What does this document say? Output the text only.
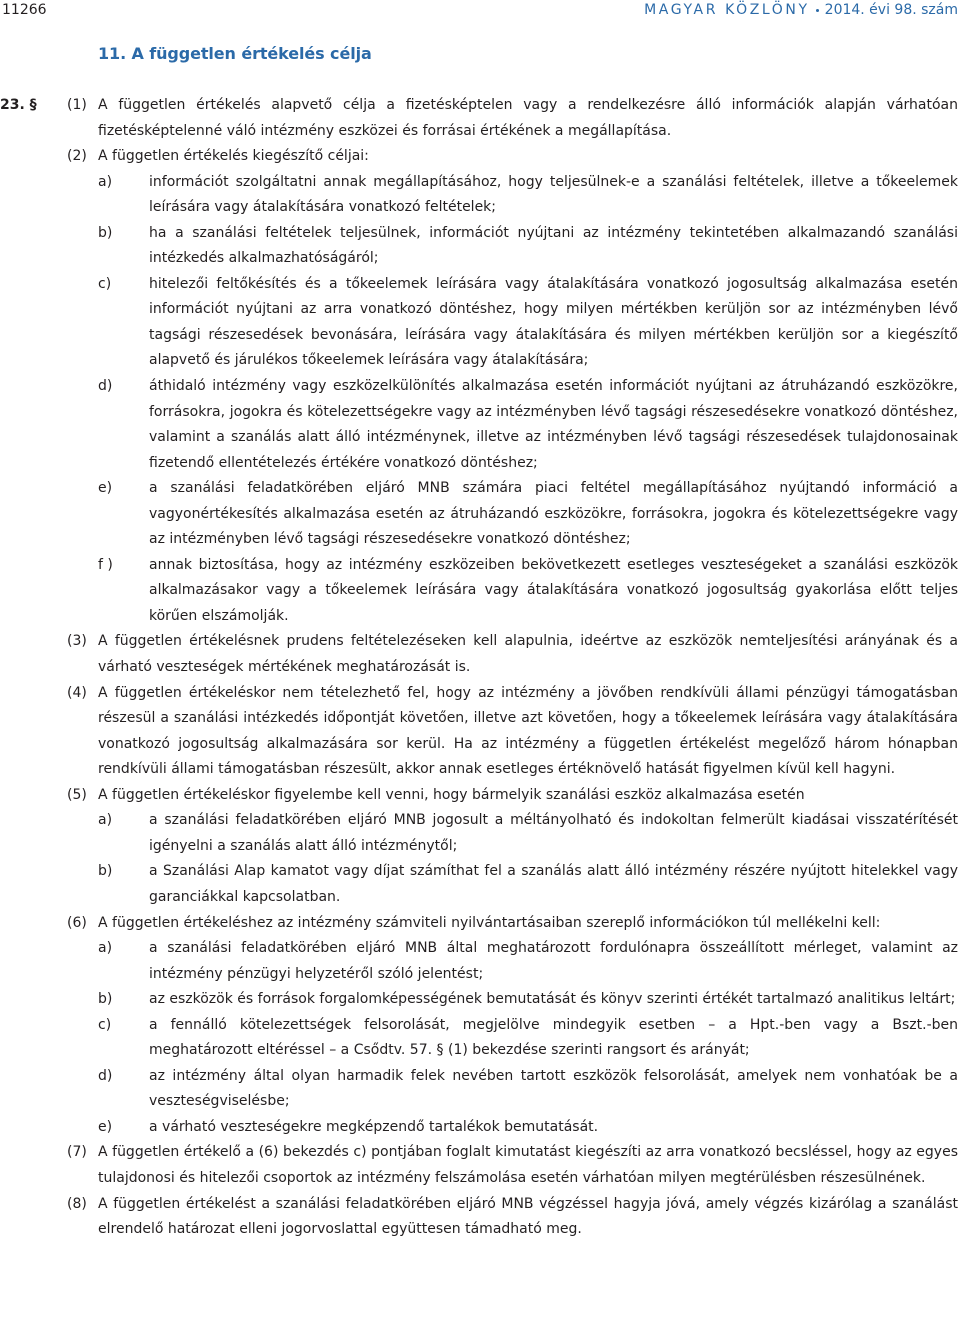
11266	MAGYAR KÖZLÖNY 2014. évi 98. szám
11. A független értékelés célja
23. § (1) A független értékelés alapvető célja a fizetésképtelen vagy a rendelkezésre álló információk alapján várhatóan fizetésképtelenné váló intézmény eszközei és forrásai értékének a megállapítása.
(2) A független értékelés kiegészítő céljai:
a)	információt szolgáltatni annak megállapításához, hogy teljesülnek-e a szanálási feltételek, illetve a tőkeelemek leírására vagy átalakítására vonatkozó feltételek;
b)	ha a szanálási feltételek teljesülnek, információt nyújtani az intézmény tekintetében alkalmazandó szanálási intézkedés alkalmazhatóságáról;
c)	hitelezői feltőkésítés és a tőkeelemek leírására vagy átalakítására vonatkozó jogosultság alkalmazása esetén információt nyújtani az arra vonatkozó döntéshez, hogy milyen mértékben kerüljön sor az intézményben lévő tagsági részesedések bevonására, leírására vagy átalakítására és milyen mértékben kerüljön sor a kiegészítő alapvető és járulékos tőkeelemek leírására vagy átalakítására;
d)	áthidaló intézmény vagy eszközelkülönítés alkalmazása esetén információt nyújtani az átruházandó eszközökre, forrásokra, jogokra és kötelezettségekre vagy az intézményben lévő tagsági részesedésekre vonatkozó döntéshez, valamint a szanálás alatt álló intézménynek, illetve az intézményben lévő tagsági részesedések tulajdonosainak fizetendő ellentételezés értékére vonatkozó döntéshez;
e)	a szanálási feladatkörében eljáró MNB számára piaci feltétel megállapításához nyújtandó információ a vagyonértékesítés alkalmazása esetén az átruházandó eszközökre, forrásokra, jogokra és kötelezettségekre vagy az intézményben lévő tagsági részesedésekre vonatkozó döntéshez;
f )	annak biztosítása, hogy az intézmény eszközeiben bekövetkezett esetleges veszteségeket a szanálási eszközök alkalmazásakor vagy a tőkeelemek leírására vagy átalakítására vonatkozó jogosultság gyakorlása előtt teljes körűen elszámolják.
(3) A független értékelésnek prudens feltételezéseken kell alapulnia, ideértve az eszközök nemteljesítési arányának és a várható veszteségek mértékének meghatározását is.
(4) A független értékeléskor nem tételezhető fel, hogy az intézmény a jövőben rendkívüli állami pénzügyi támogatásban részesül a szanálási intézkedés időpontját követően, illetve azt követően, hogy a tőkeelemek leírására vagy átalakítására vonatkozó jogosultság alkalmazására sor kerül. Ha az intézmény a független értékelést megelőző három hónapban rendkívüli állami támogatásban részesült, akkor annak esetleges értéknövelő hatását figyelmen kívül kell hagyni.
(5) A független értékeléskor figyelembe kell venni, hogy bármelyik szanálási eszköz alkalmazása esetén
a)	a szanálási feladatkörében eljáró MNB jogosult a méltányolható és indokoltan felmerült kiadásai visszatérítését igényelni a szanálás alatt álló intézménytől;
b)	a Szanálási Alap kamatot vagy díjat számíthat fel a szanálás alatt álló intézmény részére nyújtott hitelekkel vagy garanciákkal kapcsolatban.
(6) A független értékeléshez az intézmény számviteli nyilvántartásaiban szereplő információkon túl mellékelni kell:
a)	a szanálási feladatkörében eljáró MNB által meghatározott fordulónapra összeállított mérleget, valamint az intézmény pénzügyi helyzetéről szóló jelentést;
b)	az eszközök és források forgalomképességének bemutatását és könyv szerinti értékét tartalmazó analitikus leltárt;
c)	a fennálló kötelezettségek felsorolását, megjelölve mindegyik esetben – a Hpt.-ben vagy a Bszt.-ben meghatározott eltéréssel – a Csődtv. 57. § (1) bekezdése szerinti rangsort és arányát;
d)	az intézmény által olyan harmadik felek nevében tartott eszközök felsorolását, amelyek nem vonhatóak be a veszteségviselésbe;
e)	a várható veszteségekre megképzendő tartalékok bemutatását.
(7) A független értékelő a (6) bekezdés c) pontjában foglalt kimutatást kiegészíti az arra vonatkozó becsléssel, hogy az egyes tulajdonosi és hitelezői csoportok az intézmény felszámolása esetén várhatóan milyen megtérülésben részesülnének.
(8) A független értékelést a szanálási feladatkörében eljáró MNB végzéssel hagyja jóvá, amely végzés kizárólag a szanálást elrendelő határozat elleni jogorvoslattal együttesen támadható meg.
